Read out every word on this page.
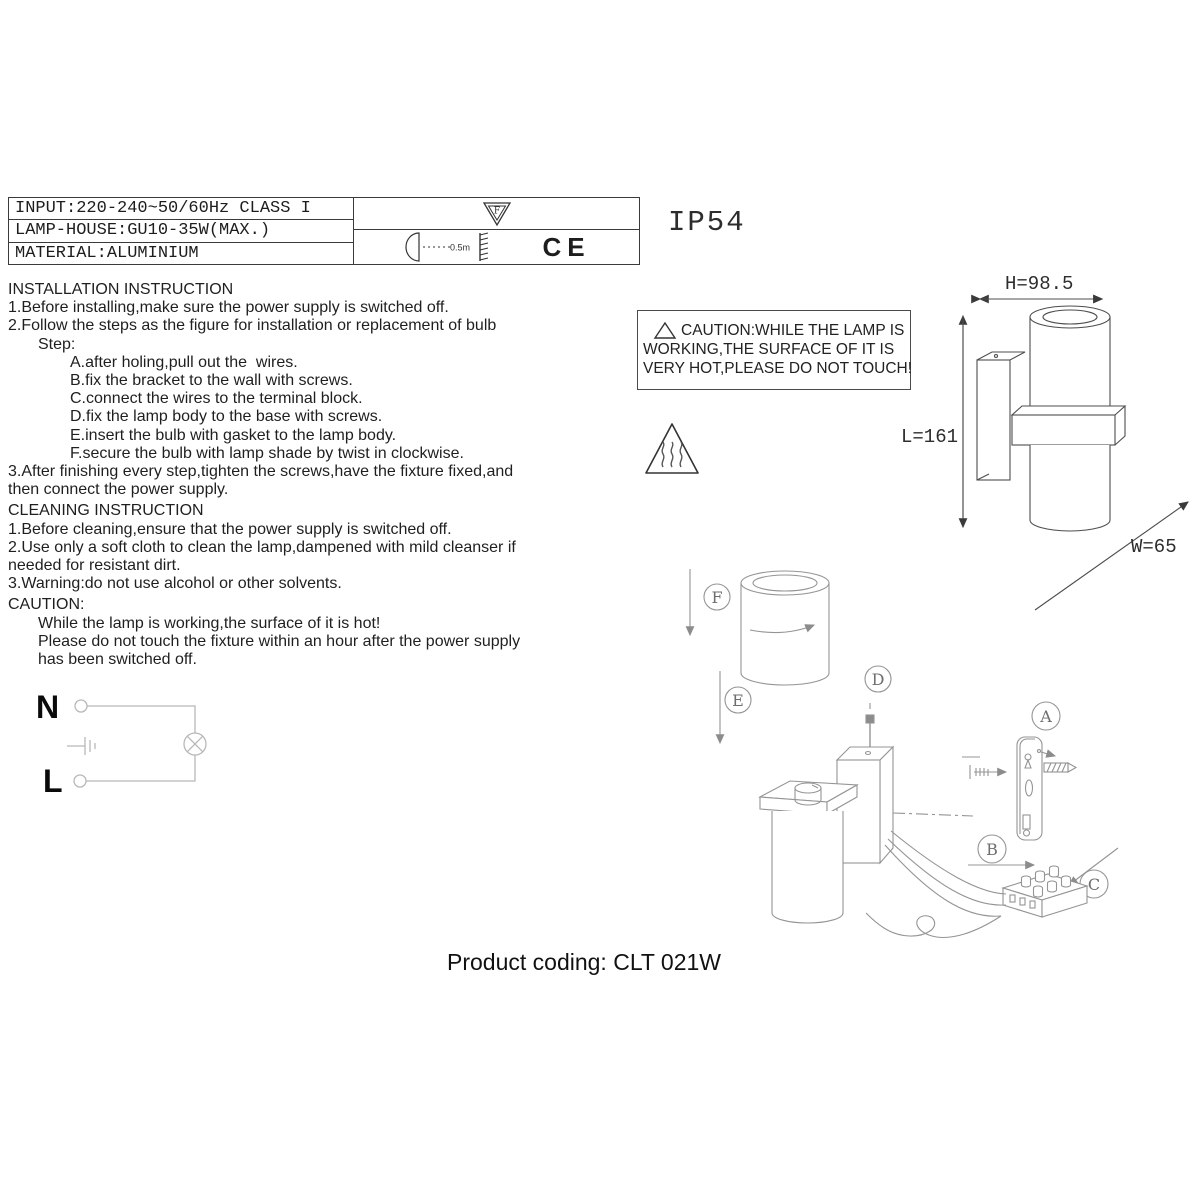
INPUT:220-240~50/60Hz CLASS I
LAMP-HOUSE:GU10-35W(MAX.)
MATERIAL:ALUMINIUM
F
0.5m	CE
IP54
INSTALLATION INSTRUCTION
1.Before installing,make sure the power supply is switched off.
2.Follow the steps as the figure for installation or replacement of bulb
Step:
A.after holing,pull out the  wires.
B.fix the bracket to the wall with screws.
C.connect the wires to the terminal block.
D.fix the lamp body to the base with screws.
E.insert the bulb with gasket to the lamp body.
F.secure the bulb with lamp shade by twist in clockwise.
3.After finishing every step,tighten the screws,have the fixture fixed,and
then connect the power supply.
CLEANING INSTRUCTION
1.Before cleaning,ensure that the power supply is switched off.
2.Use only a soft cloth to clean the lamp,dampened with mild cleanser if
needed for resistant dirt.
3.Warning:do not use alcohol or other solvents.
CAUTION:
While the lamp is working,the surface of it is hot!
Please do not touch the fixture within an hour after the power supply
has been switched off.
N
L
CAUTION:WHILE THE LAMP IS
WORKING,THE SURFACE OF IT IS
VERY HOT,PLEASE DO NOT TOUCH!
H=98.5
L=161
W=65
F
E
D
A
B
C
Product coding: CLT 021W
